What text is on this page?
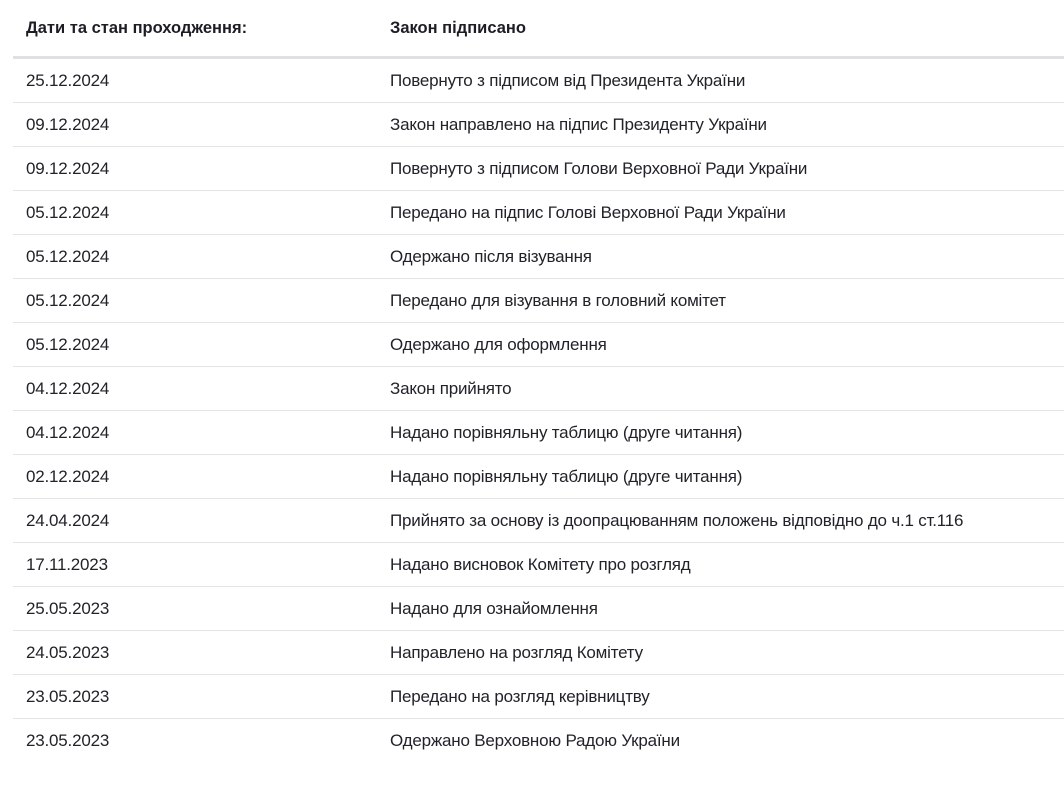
Дати та стан проходження:	Закон підписано
25.12.2024	Повернуто з підписом від Президента України
09.12.2024	Закон направлено на підпис Президенту України
09.12.2024	Повернуто з підписом Голови Верховної Ради України
05.12.2024	Передано на підпис Голові Верховної Ради України
05.12.2024	Одержано після візування
05.12.2024	Передано для візування в головний комітет
05.12.2024	Одержано для оформлення
04.12.2024	Закон прийнято
04.12.2024	Надано порівняльну таблицю (друге читання)
02.12.2024	Надано порівняльну таблицю (друге читання)
24.04.2024	Прийнято за основу із доопрацюванням положень відповідно до ч.1 ст.116
17.11.2023	Надано висновок Комітету про розгляд
25.05.2023	Надано для ознайомлення
24.05.2023	Направлено на розгляд Комітету
23.05.2023	Передано на розгляд керівництву
23.05.2023	Одержано Верховною Радою України
